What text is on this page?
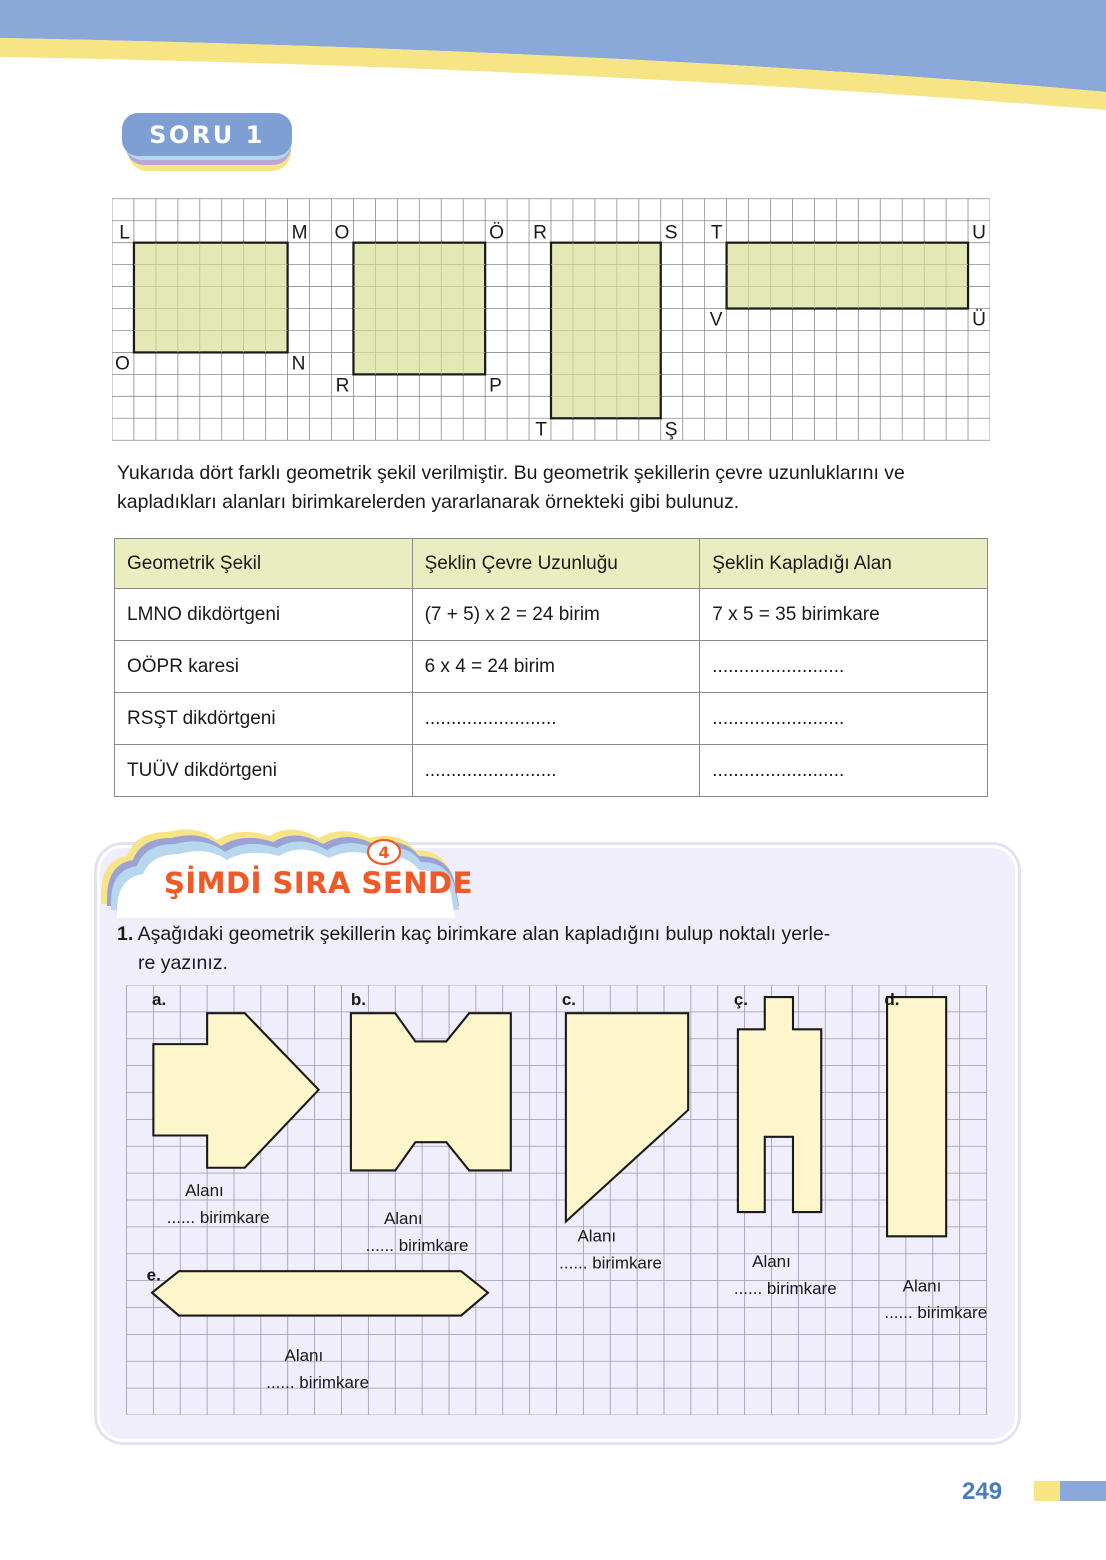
SORU 1
L	M
O	N
O	Ö
R	P
R	S
T	Ş
T	U
V	Ü
Yukarıda dört farklı geometrik şekil verilmiştir. Bu geometrik şekillerin çevre uzunluklarını ve kapladıkları alanları birimkarelerden yararlanarak örnekteki gibi bulunuz.
Geometrik Şekil	Şeklin Çevre Uzunluğu	Şeklin Kapladığı Alan
LMNO dikdörtgeni	(7 + 5) x 2 = 24 birim	7 x 5 = 35 birimkare
OÖPR karesi	6 x 4 = 24 birim	.........................
RSŞT dikdörtgeni	.........................	.........................
TUÜV dikdörtgeni	.........................	.........................
4
ŞİMDİ SIRA SENDE
1. Aşağıdaki geometrik şekillerin kaç birimkare alan kapladığını bulup noktalı yerle-
re yazınız.
a.	b.	c.	ç.	d.
e.
Alanı
...... birimkare	Alanı
...... birimkare	Alanı
...... birimkare	Alanı
...... birimkare	Alanı
...... birimkare
Alanı
...... birimkare
249
